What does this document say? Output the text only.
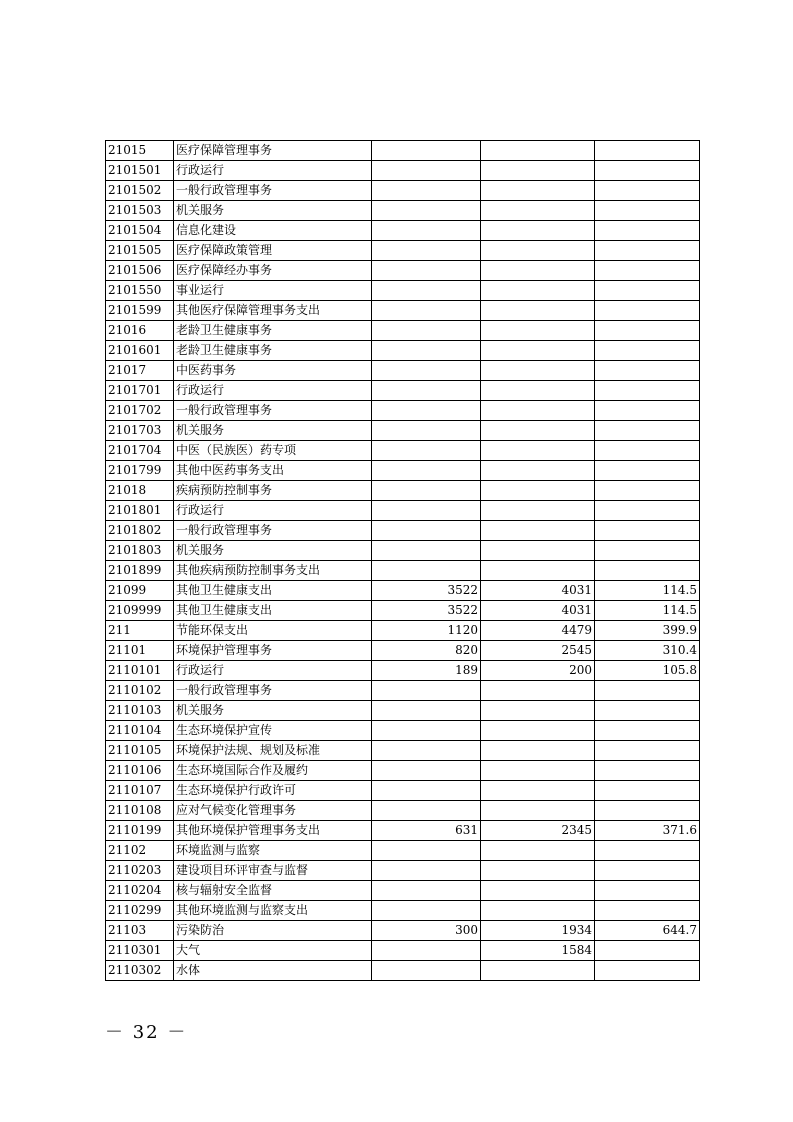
21015	医疗保障管理事务			
2101501	行政运行			
2101502	一般行政管理事务			
2101503	机关服务			
2101504	信息化建设			
2101505	医疗保障政策管理			
2101506	医疗保障经办事务			
2101550	事业运行			
2101599	其他医疗保障管理事务支出			
21016	老龄卫生健康事务			
2101601	老龄卫生健康事务			
21017	中医药事务			
2101701	行政运行			
2101702	一般行政管理事务			
2101703	机关服务			
2101704	中医（民族医）药专项			
2101799	其他中医药事务支出			
21018	疾病预防控制事务			
2101801	行政运行			
2101802	一般行政管理事务			
2101803	机关服务			
2101899	其他疾病预防控制事务支出			
21099	其他卫生健康支出	3522	4031	114.5
2109999	其他卫生健康支出	3522	4031	114.5
211	节能环保支出	1120	4479	399.9
21101	环境保护管理事务	820	2545	310.4
2110101	行政运行	189	200	105.8
2110102	一般行政管理事务			
2110103	机关服务			
2110104	生态环境保护宣传			
2110105	环境保护法规、规划及标准			
2110106	生态环境国际合作及履约			
2110107	生态环境保护行政许可			
2110108	应对气候变化管理事务			
2110199	其他环境保护管理事务支出	631	2345	371.6
21102	环境监测与监察			
2110203	建设项目环评审查与监督			
2110204	核与辐射安全监督			
2110299	其他环境监测与监察支出			
21103	污染防治	300	1934	644.7
2110301	大气		1584	
2110302	水体			
－ 32 －
